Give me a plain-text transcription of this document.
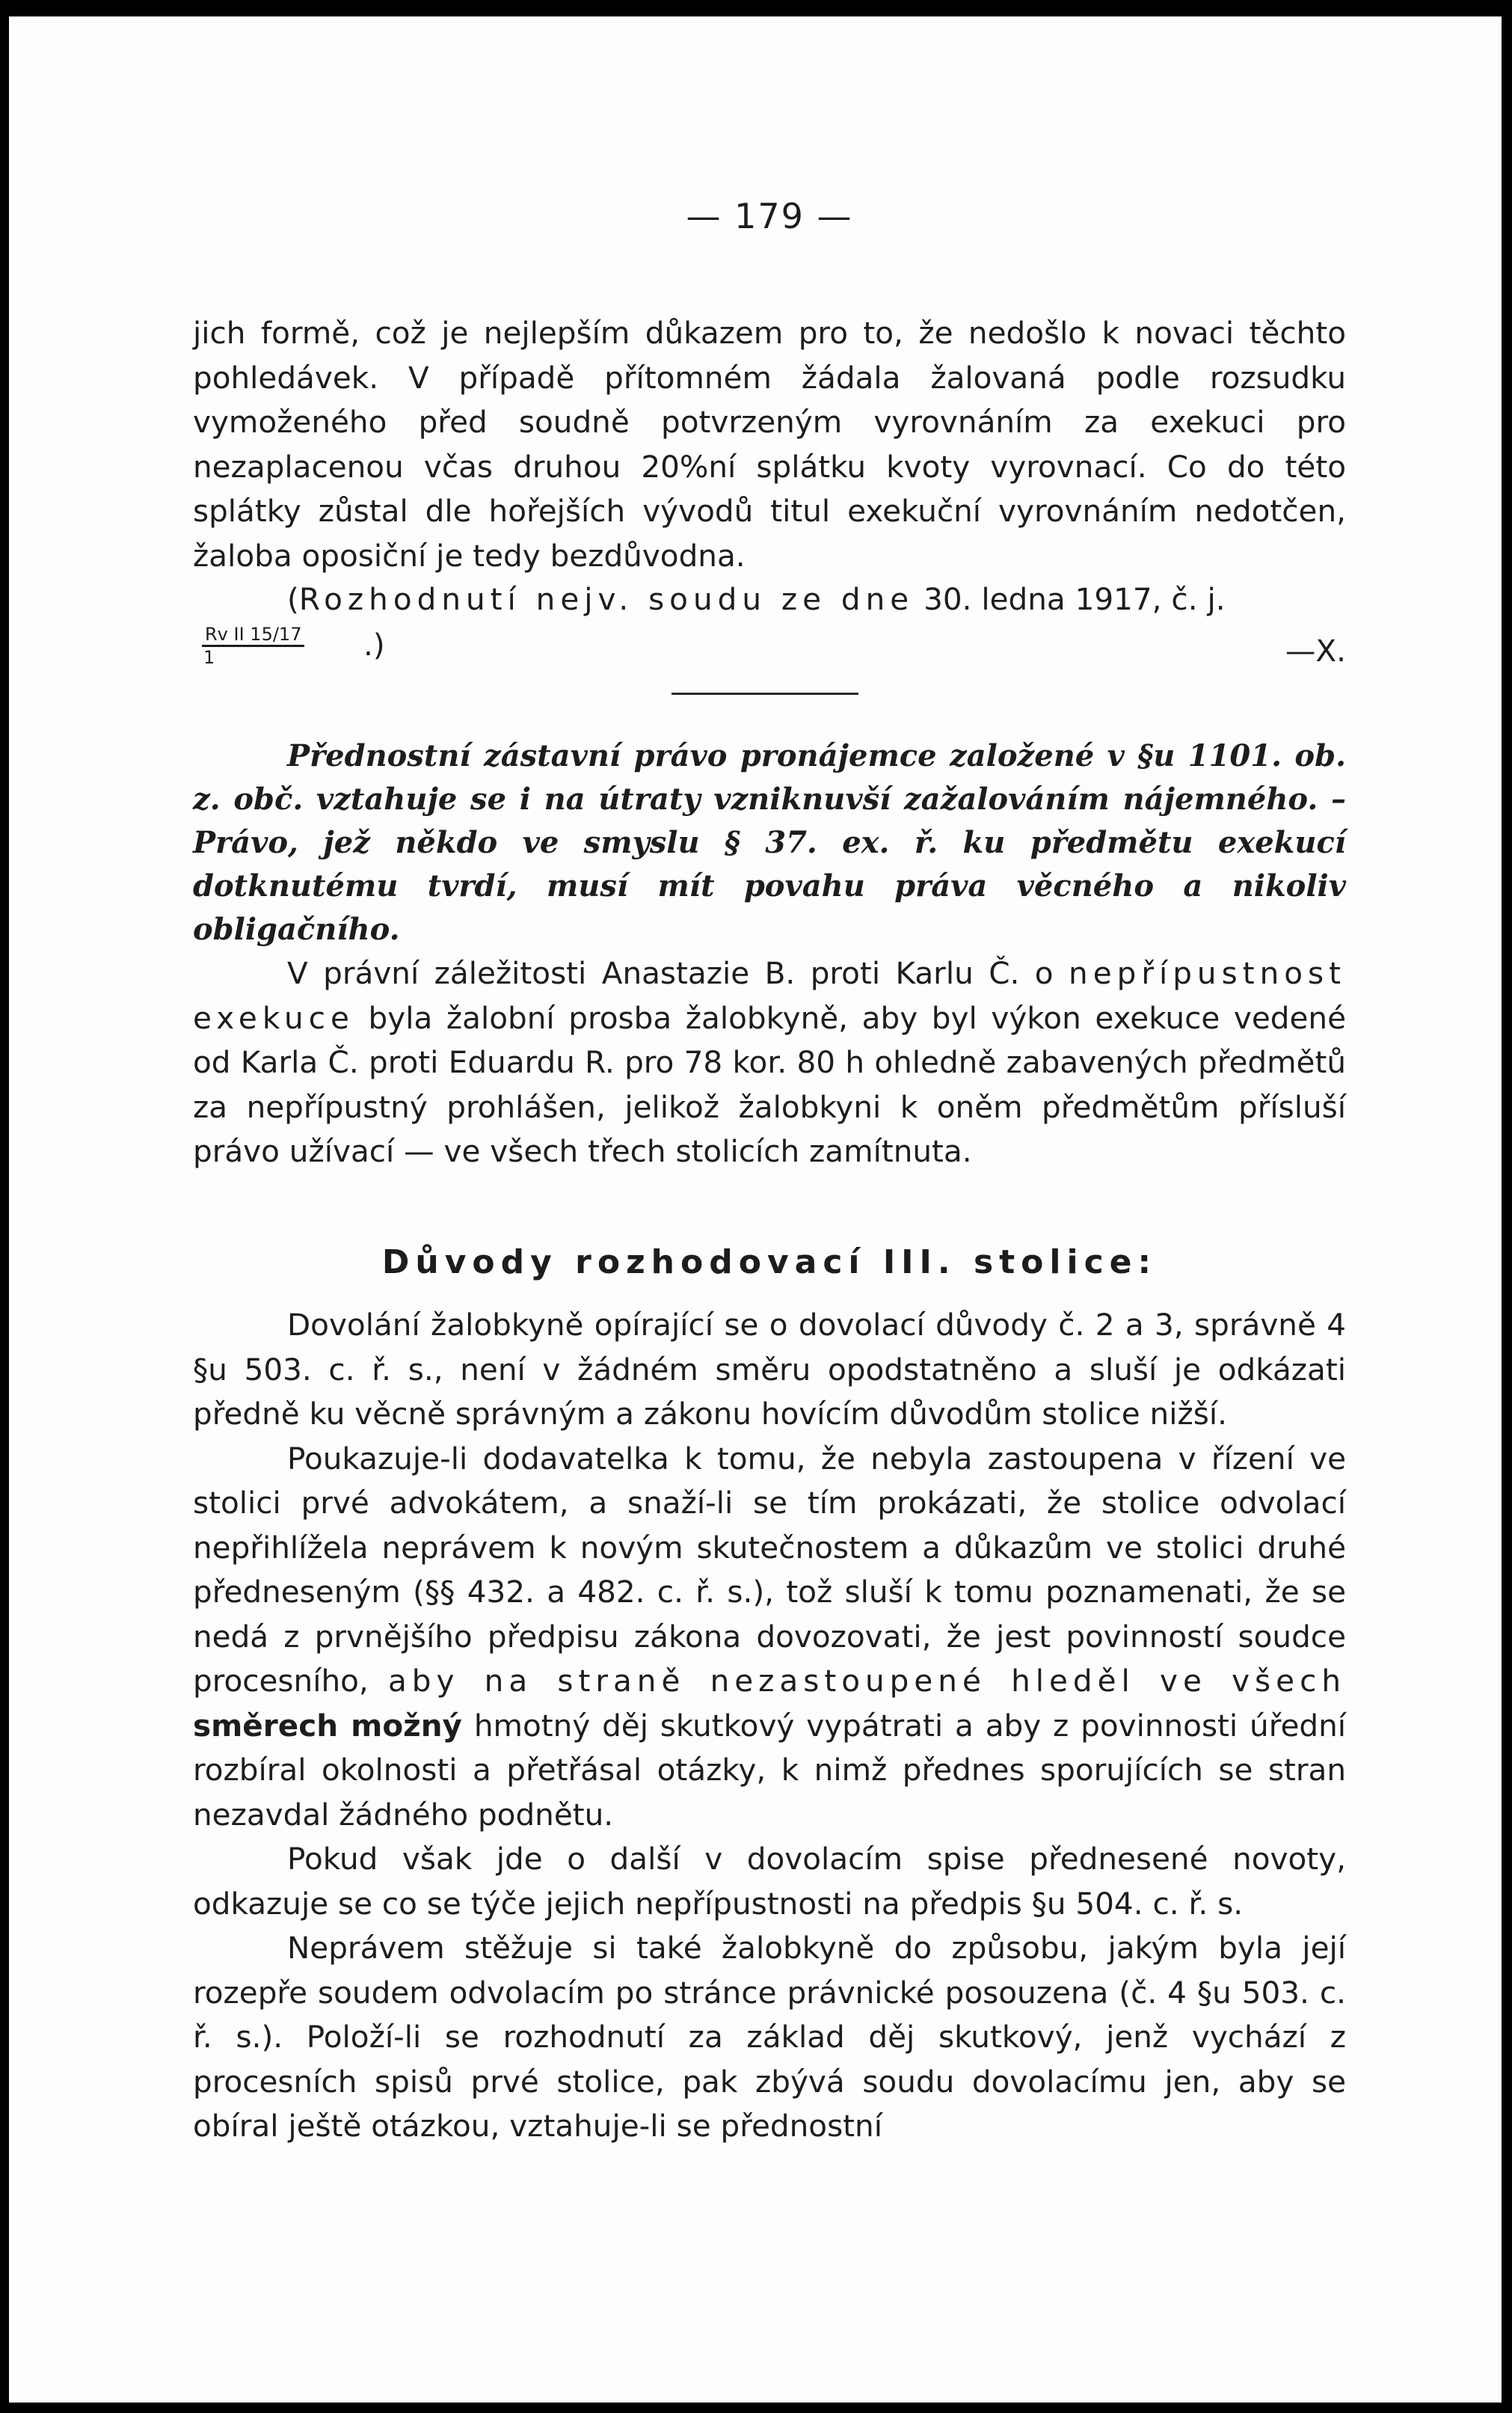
— 179 —

jich formě, což je nejlepším důkazem pro to, že nedošlo k novaci těchto pohledávek. V případě přítomném žádala žalovaná podle rozsudku vymoženého před soudně potvrzeným vyrovnáním za exekuci pro nezaplacenou včas druhou 20%ní splátku kvoty vyrovnací. Co do této splátky zůstal dle hořejších vývodů titul exekuční vyrovnáním nedotčen, žaloba oposiční je tedy bezdůvodna.

(Rozhodnutí nejv. soudu ze dne 30. ledna 1917, č. j.
$\frac{\text{Rv II 15/17}}{1}$ .)	—X.

Přednostní zástavní právo pronájemce založené v §u 1101. ob. z. obč. vztahuje se i na útraty vzniknuvší zažalováním nájemného. – Právo, jež někdo ve smyslu § 37. ex. ř. ku předmětu exekucí dotknutému tvrdí, musí mít povahu práva věcného a nikoliv obligačního.

V právní záležitosti Anastazie B. proti Karlu Č. o nepřípustnost exekuce byla žalobní prosba žalobkyně, aby byl výkon exekuce vedené od Karla Č. proti Eduardu R. pro 78 kor. 80 h ohledně zabavených předmětů za nepřípustný prohlášen, jelikož žalobkyni k oněm předmětům přísluší právo užívací — ve všech třech stolicích zamítnuta.

Důvody rozhodovací III. stolice:

Dovolání žalobkyně opírající se o dovolací důvody č. 2 a 3, správně 4 §u 503. c. ř. s., není v žádném směru opodstatněno a sluší je odkázati předně ku věcně správným a zákonu hovícím důvodům stolice nižší.

Poukazuje-li dodavatelka k tomu, že nebyla zastoupena v řízení ve stolici prvé advokátem, a snaží-li se tím prokázati, že stolice odvolací nepřihlížela neprávem k novým skutečnostem a důkazům ve stolici druhé předneseným (§§ 432. a 482. c. ř. s.), tož sluší k tomu poznamenati, že se nedá z prvnějšího předpisu zákona dovozovati, že jest povinností soudce procesního, aby na straně nezastoupené hleděl ve všech směrech možný hmotný děj skutkový vypátrati a aby z povinnosti úřední rozbíral okolnosti a přetřásal otázky, k nimž přednes sporujících se stran nezavdal žádného podnětu.

Pokud však jde o další v dovolacím spise přednesené novoty, odkazuje se co se týče jejich nepřípustnosti na předpis §u 504. c. ř. s.

Neprávem stěžuje si také žalobkyně do způsobu, jakým byla její rozepře soudem odvolacím po stránce právnické posouzena (č. 4 §u 503. c. ř. s.). Položí-li se rozhodnutí za základ děj skutkový, jenž vychází z procesních spisů prvé stolice, pak zbývá soudu dovolacímu jen, aby se obíral ještě otázkou, vztahuje-li se přednostní
